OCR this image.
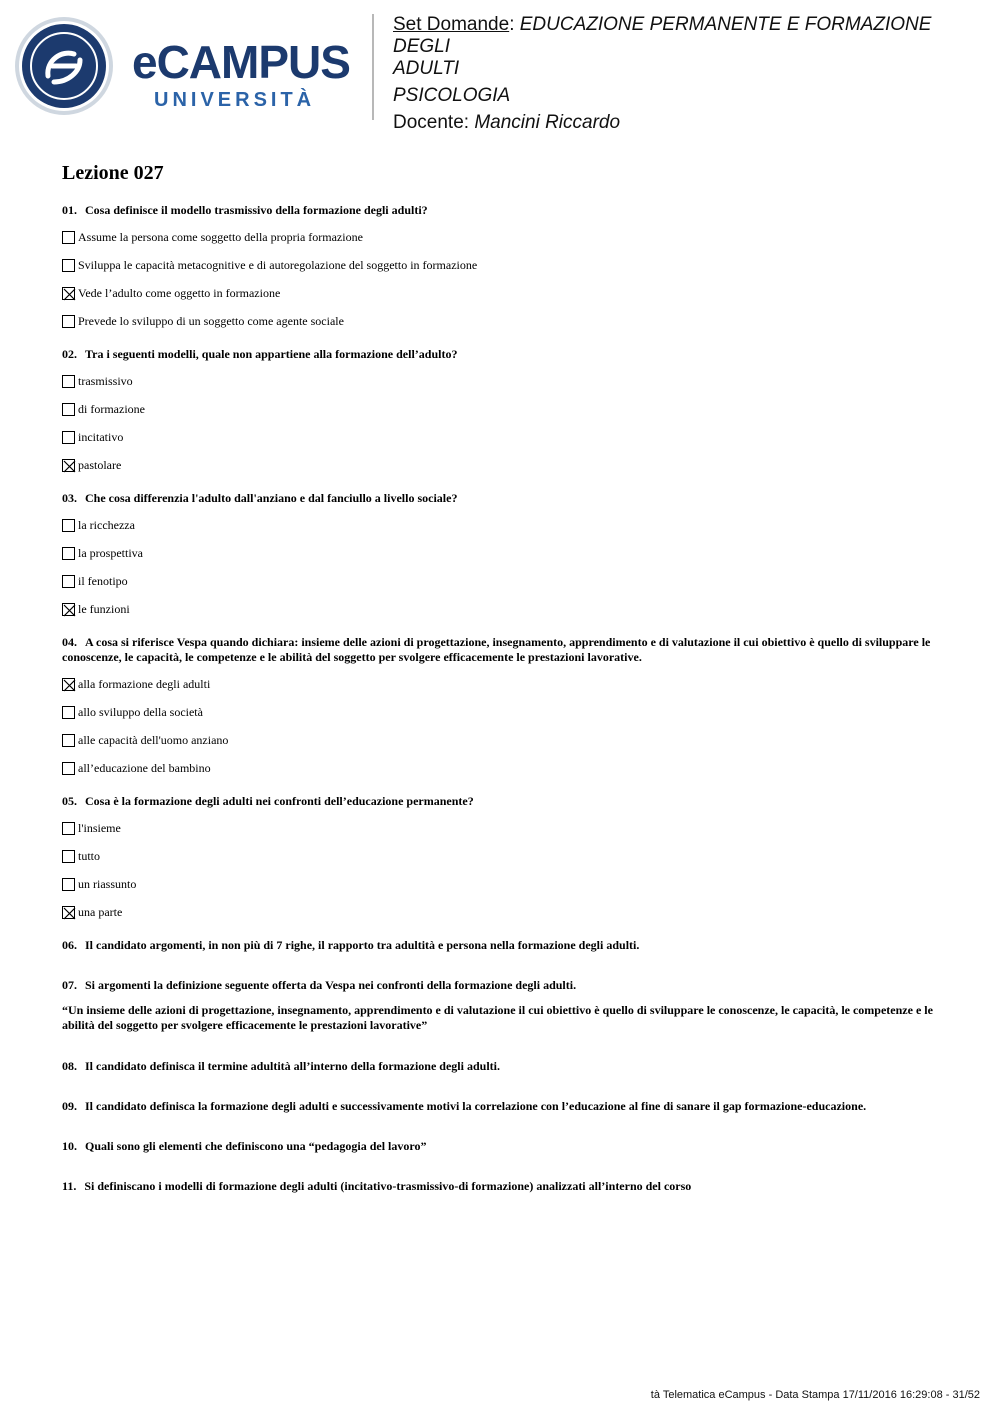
eCAMPUS
UNIVERSITÀ
Set Domande: EDUCAZIONE PERMANENTE E FORMAZIONE DEGLI
ADULTI
PSICOLOGIA
Docente: Mancini Riccardo
Lezione 027

01. Cosa definisce il modello trasmissivo della formazione degli adulti?

Assume la persona come soggetto della propria formazione
Sviluppa le capacità metacognitive e di autoregolazione del soggetto in formazione
Vede l’adulto come oggetto in formazione
Prevede lo sviluppo di un soggetto come agente sociale

02. Tra i seguenti modelli, quale non appartiene alla formazione dell’adulto?

trasmissivo
di formazione
incitativo
pastolare

03. Che cosa differenzia l'adulto dall'anziano e dal fanciullo a livello sociale?

la ricchezza
la prospettiva
il fenotipo
le funzioni

04. A cosa si riferisce Vespa quando dichiara: insieme delle azioni di progettazione, insegnamento, apprendimento e di valutazione il cui obiettivo è quello di sviluppare le conoscenze, le capacità, le competenze e le abilità del soggetto per svolgere efficacemente le prestazioni lavorative.

alla formazione degli adulti
allo sviluppo della società
alle capacità dell'uomo anziano
all’educazione del bambino

05. Cosa è la formazione degli adulti nei confronti dell’educazione permanente?

l'insieme
tutto
un riassunto
una parte

06. Il candidato argomenti, in non più di 7 righe, il rapporto tra adultità e persona nella formazione degli adulti.

07. Si argomenti la definizione seguente offerta da Vespa nei confronti della formazione degli adulti.

“Un insieme delle azioni di progettazione, insegnamento, apprendimento e di valutazione il cui obiettivo è quello di sviluppare le conoscenze, le capacità, le competenze e le abilità del soggetto per svolgere efficacemente le prestazioni lavorative”

08. Il candidato definisca il termine adultità all’interno della formazione degli adulti.

09. Il candidato definisca la formazione degli adulti e successivamente motivi la correlazione con l’educazione al fine di sanare il gap formazione-educazione.

10. Quali sono gli elementi che definiscono una “pedagogia del lavoro”

11. Si definiscano i modelli di formazione degli adulti (incitativo-trasmissivo-di formazione) analizzati all’interno del corso

tà Telematica eCampus - Data Stampa 17/11/2016 16:29:08 - 31/52
